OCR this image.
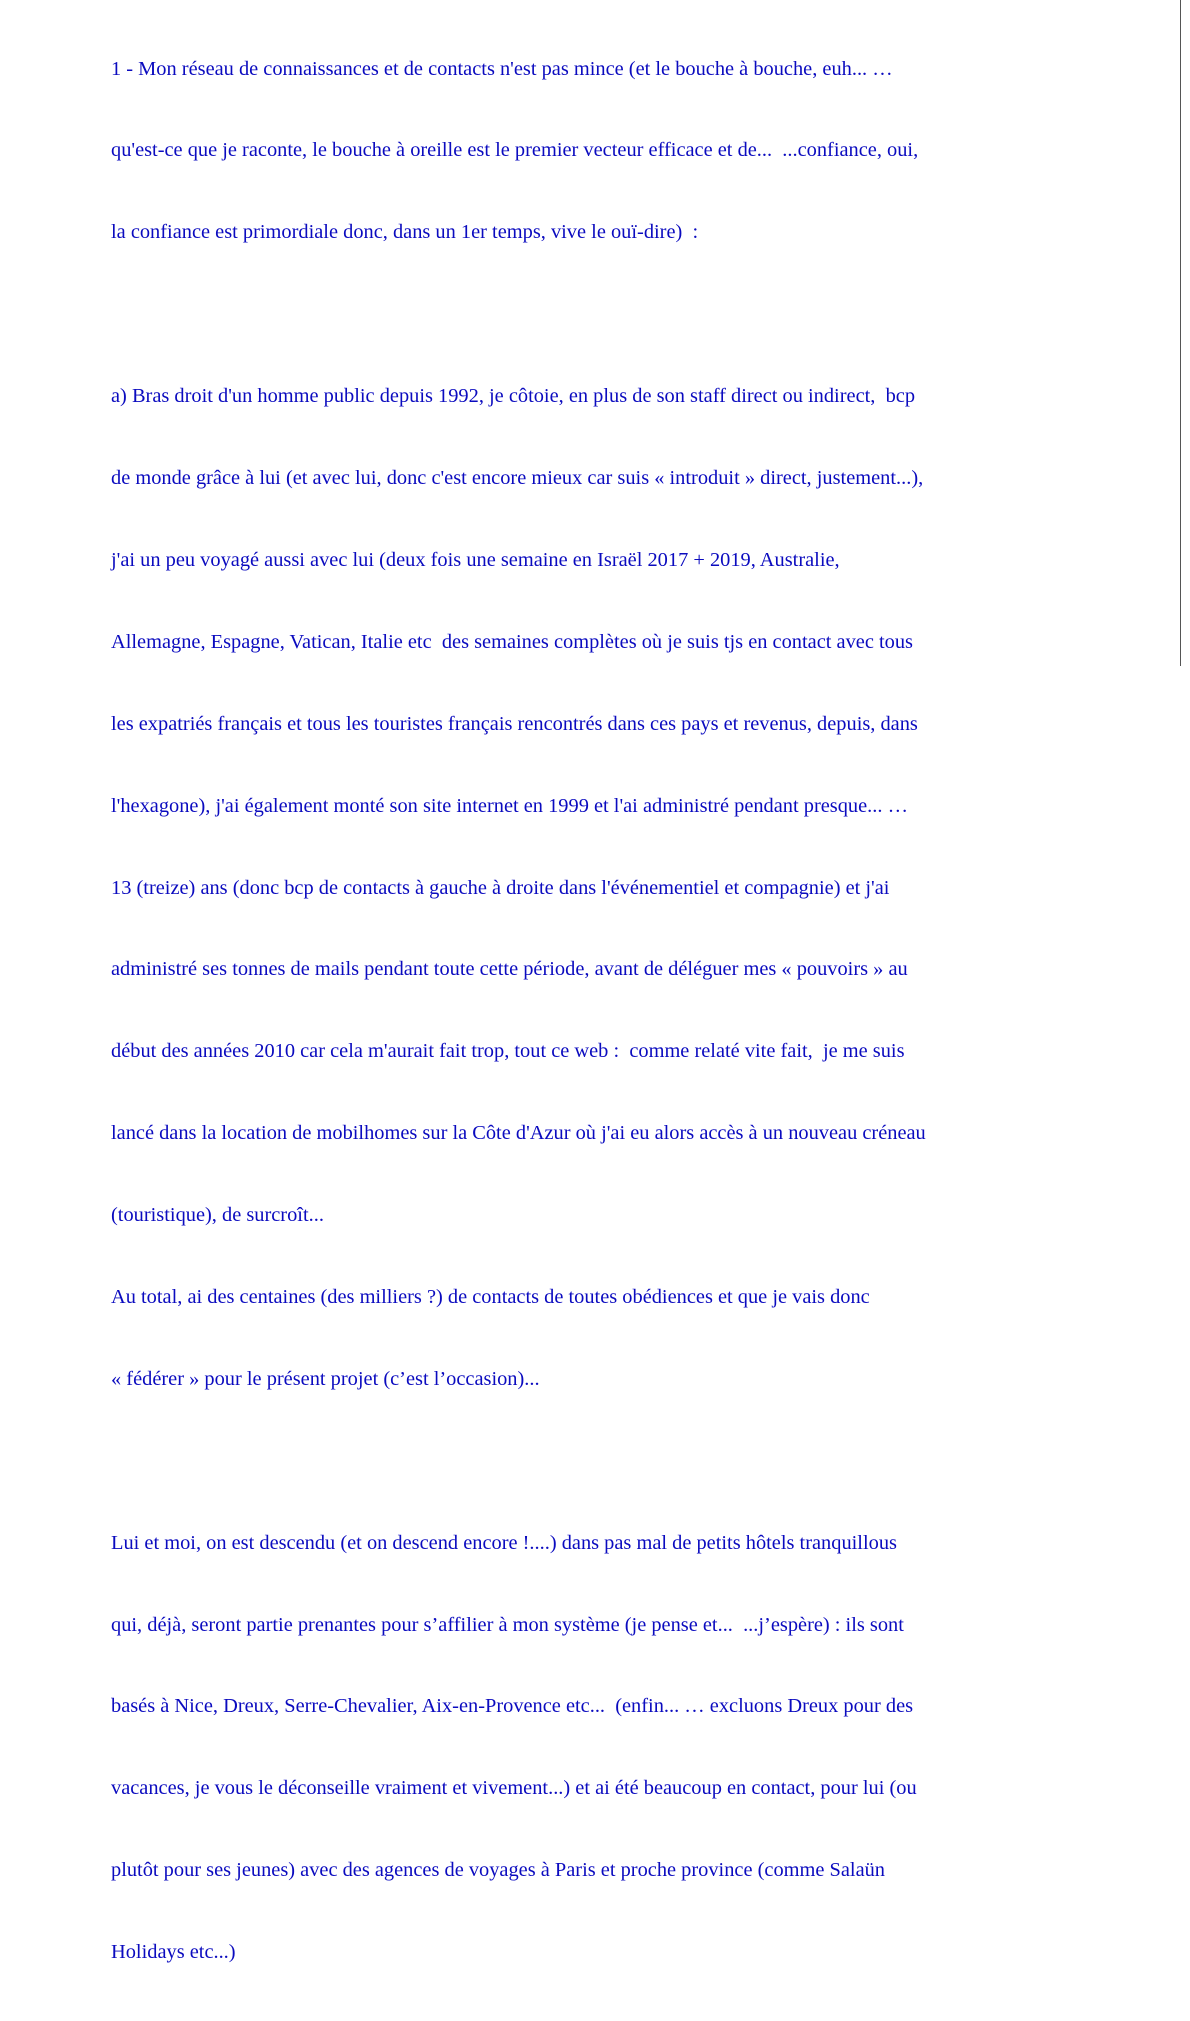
1 - Mon réseau de connaissances et de contacts n'est pas mince (et le bouche à bouche, euh... …

qu'est-ce que je raconte, le bouche à oreille est le premier vecteur efficace et de...  ...confiance, oui,

la confiance est primordiale donc, dans un 1er temps, vive le ouï-dire)  :

a) Bras droit d'un homme public depuis 1992, je côtoie, en plus de son staff direct ou indirect,  bcp

de monde grâce à lui (et avec lui, donc c'est encore mieux car suis « introduit » direct, justement...),

j'ai un peu voyagé aussi avec lui (deux fois une semaine en Israël 2017 + 2019, Australie,

Allemagne, Espagne, Vatican, Italie etc  des semaines complètes où je suis tjs en contact avec tous

les expatriés français et tous les touristes français rencontrés dans ces pays et revenus, depuis, dans

l'hexagone), j'ai également monté son site internet en 1999 et l'ai administré pendant presque... …

13 (treize) ans (donc bcp de contacts à gauche à droite dans l'événementiel et compagnie) et j'ai

administré ses tonnes de mails pendant toute cette période, avant de déléguer mes « pouvoirs » au

début des années 2010 car cela m'aurait fait trop, tout ce web :  comme relaté vite fait,  je me suis

lancé dans la location de mobilhomes sur la Côte d'Azur où j'ai eu alors accès à un nouveau créneau

(touristique), de surcroît...

Au total, ai des centaines (des milliers ?) de contacts de toutes obédiences et que je vais donc

« fédérer » pour le présent projet (c’est l’occasion)...

Lui et moi, on est descendu (et on descend encore !....) dans pas mal de petits hôtels tranquillous

qui, déjà, seront partie prenantes pour s’affilier à mon système (je pense et...  ...j’espère) : ils sont

basés à Nice, Dreux, Serre-Chevalier, Aix-en-Provence etc...  (enfin... … excluons Dreux pour des

vacances, je vous le déconseille vraiment et vivement...) et ai été beaucoup en contact, pour lui (ou

plutôt pour ses jeunes) avec des agences de voyages à Paris et proche province (comme Salaün

Holidays etc...)
